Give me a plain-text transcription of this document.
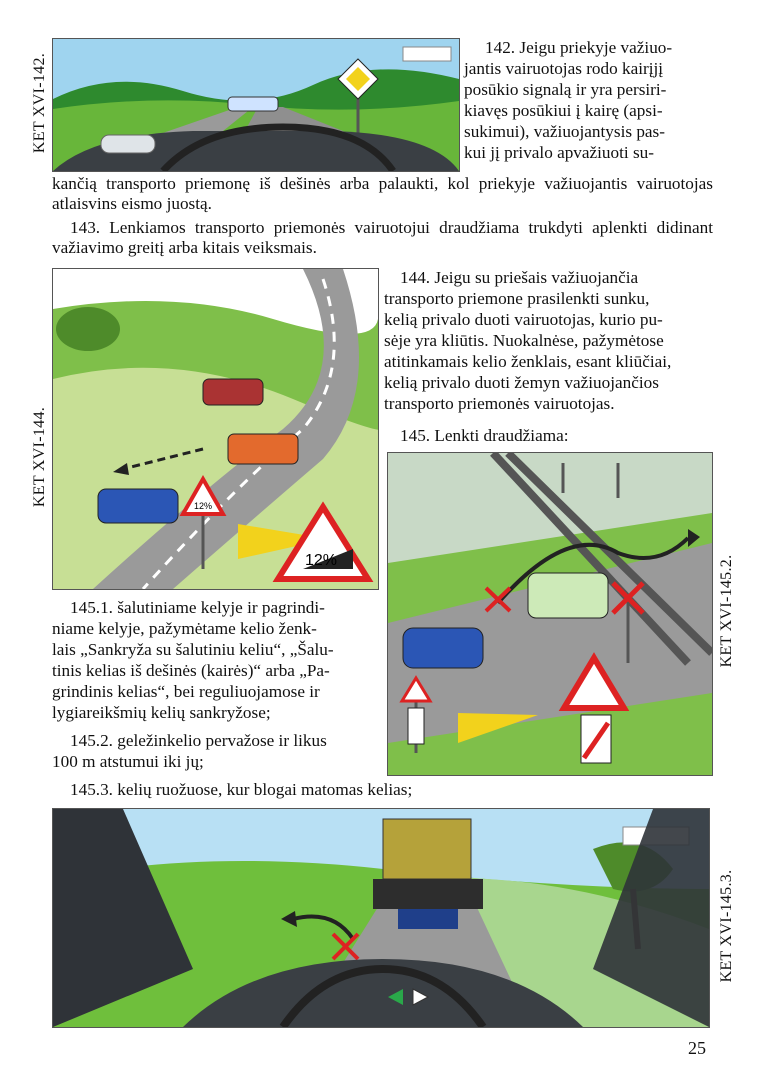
KET XVI-142.

142. Jeigu priekyje važiuo-

jantis vairuotojas rodo kairįjį

posūkio signalą ir yra persiri-

kiavęs posūkiui į kairę (apsi-

sukimui), važiuojantysis pas-

kui jį privalo apvažiuoti su-

kančią transporto priemonę iš dešinės arba palaukti, kol priekyje važiuojantis vairuotojas atlaisvins eismo juostą.

143. Lenkiamos transporto priemonės vairuotojui draudžiama trukdyti aplenkti didinant važiavimo greitį arba kitais veiksmais.

KET XVI-144.	12%
12%

144. Jeigu su priešais važiuojančia

transporto priemone prasilenkti sunku,

kelią privalo duoti vairuotojas, kurio pu-

sėje yra kliūtis. Nuokalnėse, pažymėtose

atitinkamais kelio ženklais, esant kliūčiai,

kelią privalo duoti žemyn važiuojančios

transporto priemonės vairuotojas.

145. Lenkti draudžiama:

KET XVI-145.2.

145.1. šalutiniame kelyje ir pagrindi-

niame kelyje, pažymėtame kelio ženk-

lais „Sankryža su šalutiniu keliu“, „Šalu-

tinis kelias iš dešinės (kairės)“ arba „Pa-

grindinis kelias“, bei reguliuojamose ir

lygiareikšmių kelių sankryžose;

145.2. geležinkelio pervažose ir likus

100 m atstumui iki jų;

145.3. kelių ruožuose, kur blogai matomas kelias;

KET XVI-145.3.
25
